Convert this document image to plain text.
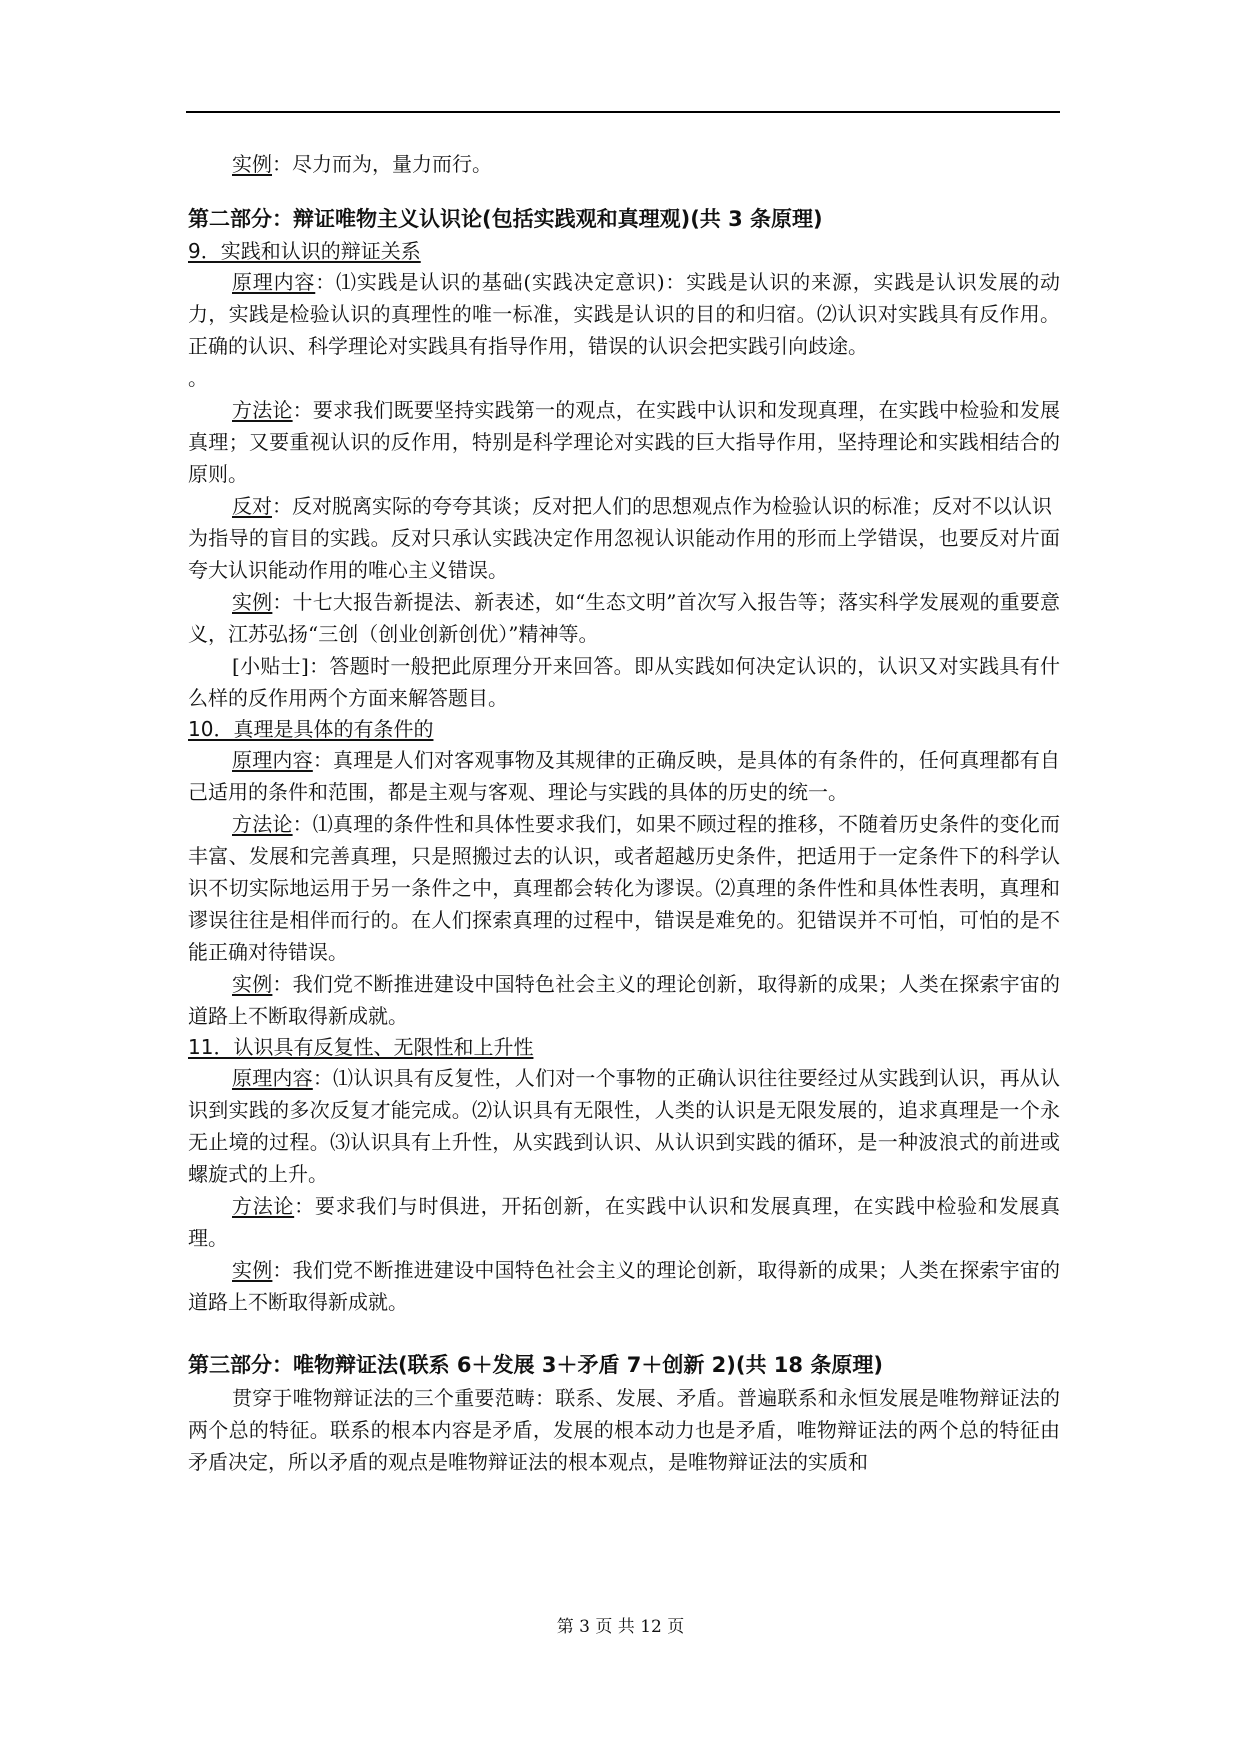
实例：尽力而为，量力而行。

第二部分：辩证唯物主义认识论(包括实践观和真理观)(共 3 条原理)

9．实践和认识的辩证关系

原理内容：⑴实践是认识的基础(实践决定意识)：实践是认识的来源，实践是认识发展的动力，实践是检验认识的真理性的唯一标准，实践是认识的目的和归宿。⑵认识对实践具有反作用。正确的认识、科学理论对实践具有指导作用，错误的认识会把实践引向歧途。

。

方法论：要求我们既要坚持实践第一的观点，在实践中认识和发现真理，在实践中检验和发展真理；又要重视认识的反作用，特别是科学理论对实践的巨大指导作用，坚持理论和实践相结合的原则。

反对：反对脱离实际的夸夸其谈；反对把人们的思想观点作为检验认识的标准；反对不以认识

为指导的盲目的实践。反对只承认实践决定作用忽视认识能动作用的形而上学错误，也要反对片面夸大认识能动作用的唯心主义错误。

实例：十七大报告新提法、新表述，如“生态文明”首次写入报告等；落实科学发展观的重要意义，江苏弘扬“三创（创业创新创优）”精神等。

[小贴士]：答题时一般把此原理分开来回答。即从实践如何决定认识的，认识又对实践具有什么样的反作用两个方面来解答题目。

10．真理是具体的有条件的

原理内容：真理是人们对客观事物及其规律的正确反映，是具体的有条件的，任何真理都有自己适用的条件和范围，都是主观与客观、理论与实践的具体的历史的统一。

方法论：⑴真理的条件性和具体性要求我们，如果不顾过程的推移，不随着历史条件的变化而丰富、发展和完善真理，只是照搬过去的认识，或者超越历史条件，把适用于一定条件下的科学认识不切实际地运用于另一条件之中，真理都会转化为谬误。⑵真理的条件性和具体性表明，真理和谬误往往是相伴而行的。在人们探索真理的过程中，错误是难免的。犯错误并不可怕，可怕的是不能正确对待错误。

实例：我们党不断推进建设中国特色社会主义的理论创新，取得新的成果；人类在探索宇宙的道路上不断取得新成就。

11．认识具有反复性、无限性和上升性

原理内容：⑴认识具有反复性，人们对一个事物的正确认识往往要经过从实践到认识，再从认识到实践的多次反复才能完成。⑵认识具有无限性，人类的认识是无限发展的，追求真理是一个永无止境的过程。⑶认识具有上升性，从实践到认识、从认识到实践的循环，是一种波浪式的前进或螺旋式的上升。

方法论：要求我们与时俱进，开拓创新，在实践中认识和发展真理，在实践中检验和发展真理。

实例：我们党不断推进建设中国特色社会主义的理论创新，取得新的成果；人类在探索宇宙的道路上不断取得新成就。

第三部分：唯物辩证法(联系 6＋发展 3＋矛盾 7＋创新 2)(共 18 条原理)

贯穿于唯物辩证法的三个重要范畴：联系、发展、矛盾。普遍联系和永恒发展是唯物辩证法的两个总的特征。联系的根本内容是矛盾，发展的根本动力也是矛盾，唯物辩证法的两个总的特征由矛盾决定，所以矛盾的观点是唯物辩证法的根本观点，是唯物辩证法的实质和

第 3 页 共 12 页
